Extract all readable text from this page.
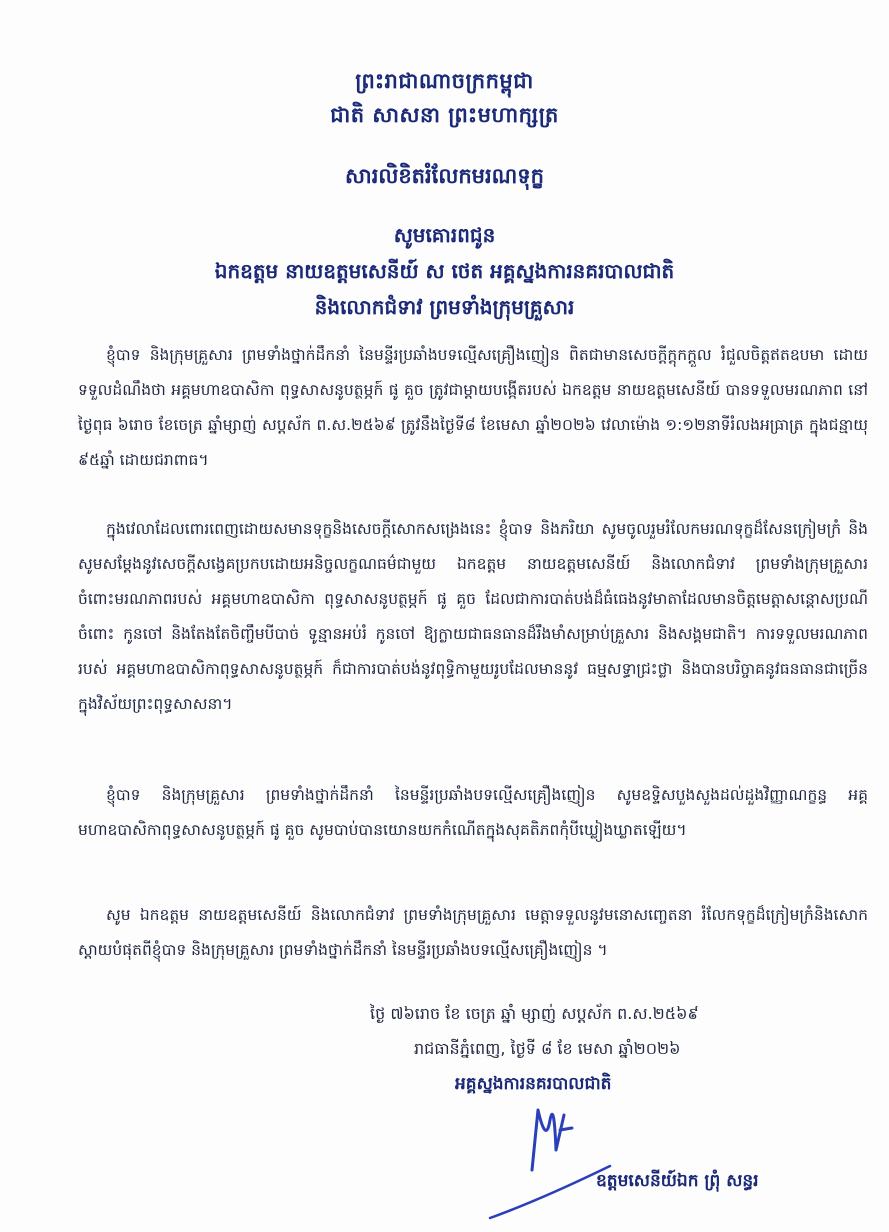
ព្រះរាជាណាចក្រកម្ពុជា
ជាតិ សាសនា ព្រះមហាក្សត្រ
សារលិខិតរំលែកមរណទុក្ខ
សូមគោរពជូន
ឯកឧត្តម នាយឧត្តមសេនីយ៍ ស ថេត អគ្គស្នងការនគរបាលជាតិ
និងលោកជំទាវ ព្រមទាំងក្រុមគ្រួសារ
ខ្ញុំបាទ និងក្រុមគ្រួសារ ព្រមទាំងថ្នាក់ដឹកនាំ នៃមន្ទីរប្រឆាំងបទល្មើសគ្រឿងញៀន ពិតជាមានសេចក្តីក្តុកក្តួល រំជួលចិត្តឥតឧបមា ដោយទទួលដំណឹងថា អគ្គមហាឧបាសិកា ពុទ្ធសាសនូបត្ថម្ភក៍ ផូ គួច ត្រូវជាម្តាយបង្កើតរបស់ ឯកឧត្តម នាយឧត្តមសេនីយ៍ បានទទួលមរណភាព នៅថ្ងៃពុធ ៦រោច ខែចេត្រ ឆ្នាំម្សាញ់ សប្តស័ក ព.ស.២៥៦៩ ត្រូវនឹងថ្ងៃទី៨ ខែមេសា ឆ្នាំ២០២៦ វេលាម៉ោង ១:១២នាទីរំលងអធ្រាត្រ ក្នុងជន្មាយុ ៩៥ឆ្នាំ ដោយជរាពាធ។
ក្នុងវេលាដែលពោរពេញដោយសមានទុក្ខនិងសេចក្តីសោកសង្រេងនេះ ខ្ញុំបាទ និងភរិយា សូមចូលរួមរំលែកមរណទុក្ខដ៏សែនក្រៀមក្រំ និងសូមសម្តែងនូវសេចក្តីសង្វេគប្រកបដោយអនិច្ចលក្ខណធម៌ជាមួយ ឯកឧត្តម នាយឧត្តមសេនីយ៍ និងលោកជំទាវ ព្រមទាំងក្រុមគ្រួសារ ចំពោះមរណភាពរបស់ អគ្គមហាឧបាសិកា ពុទ្ធសាសនូបត្ថម្ភក៍ ផូ គួច ដែលជាការបាត់បង់ដ៏ធំធេងនូវមាតាដែលមានចិត្តមេត្តាសន្តោសប្រណីចំពោះ កូនចៅ និងតែងតែចិញ្ចឹមបីបាច់ ទូន្មានអប់រំ កូនចៅ ឱ្យក្លាយជាធនធានដ៏រឹងមាំសម្រាប់គ្រួសារ និងសង្គមជាតិ។ ការទទួលមរណភាពរបស់ អគ្គមហាឧបាសិកាពុទ្ធសាសនូបត្ថម្ភក៍ ក៏ជាការបាត់បង់នូវពុទ្ធិកាមួយរូបដែលមាននូវ ធម្មសទ្ធាជ្រះថ្លា និងបានបរិច្ចាគនូវធនធានជាច្រើនក្នុងវិស័យព្រះពុទ្ធសាសនា។
ខ្ញុំបាទ និងក្រុមគ្រួសារ ព្រមទាំងថ្នាក់ដឹកនាំ នៃមន្ទីរប្រឆាំងបទល្មើសគ្រឿងញៀន សូមឧទ្ទិសបួងសួងដល់ដួងវិញ្ញាណក្ខន្ធ អគ្គមហាឧបាសិកាពុទ្ធសាសនូបត្ថម្ភក៍ ផូ គួច សូមបាប់បានយោនយកកំណើតក្នុងសុគតិភពកុំបីឃ្លៀងឃ្លាតឡើយ។
សូម ឯកឧត្តម នាយឧត្តមសេនីយ៍ និងលោកជំទាវ ព្រមទាំងក្រុមគ្រួសារ មេត្តាទទួលនូវមនោសញ្ចេតនា រំលែកទុក្ខដ៏ក្រៀមក្រំនិងសោកស្តាយបំផុតពីខ្ញុំបាទ និងក្រុមគ្រួសារ ព្រមទាំងថ្នាក់ដឹកនាំ នៃមន្ទីរប្រឆាំងបទល្មើសគ្រឿងញៀន ។
ថ្ងៃ ៧៦រោច ខែ ចេត្រ ឆ្នាំ ម្សាញ់ សប្តស័ក ព.ស.២៥៦៩
រាជធានីភ្នំពេញ, ថ្ងៃទី ៨ ខែ មេសា ឆ្នាំ២០២៦
អគ្គស្នងការនគរបាលជាតិ
ឧត្តមសេនីយ៍ឯក ព្រុំ សន្ធរ
